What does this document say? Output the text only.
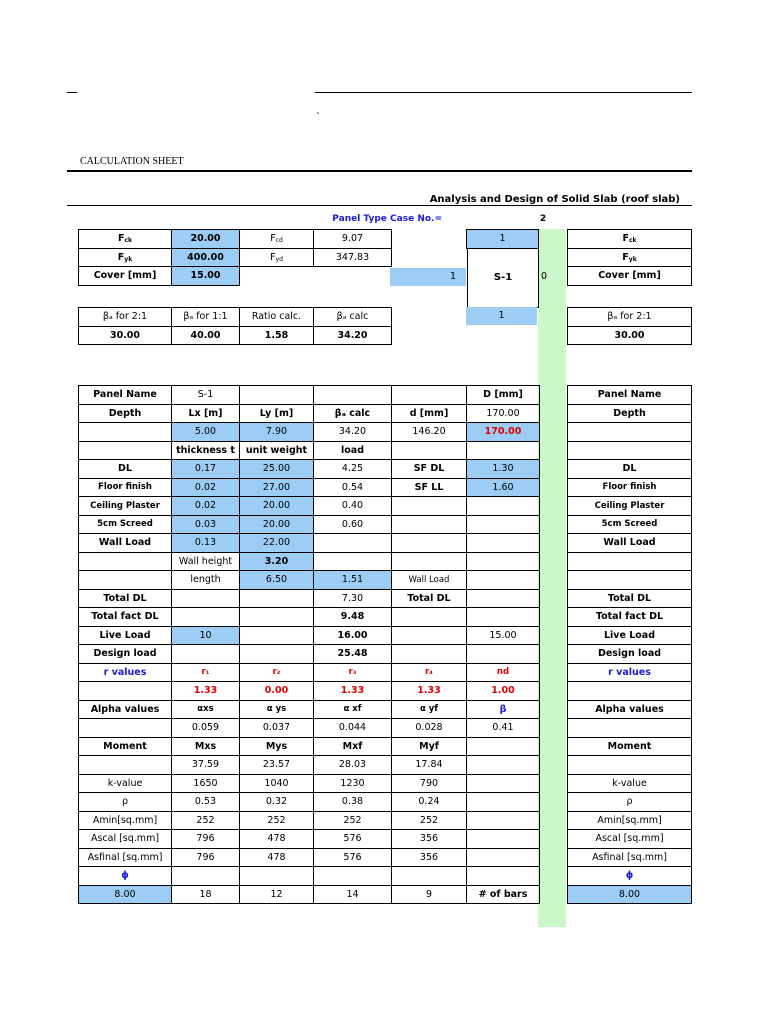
`
CALCULATION SHEET
Analysis and Design of Solid Slab (roof slab)
Panel Type Case No.=	2
1
1	0
S-1
1
$F_{ck}$	20.00	$F_{cd}$	9.07
$F_{yk}$	400.00	$F_{yd}$	347.83
Cover [mm]	15.00		
βₐ for 2:1	βₐ for 1:1	Ratio calc.	βₐ calc
30.00	40.00	1.58	34.20
$F_{ck}$
$F_{yk}$
Cover [mm]
βₐ for 2:1
30.00
Panel Name	S-1				D [mm]
Depth	Lx [m]	Ly [m]	βₐ calc	d [mm]	170.00
	5.00	7.90	34.20	146.20	170.00
	thickness t	unit weight	load		
DL	0.17	25.00	4.25	SF DL	1.30
Floor finish	0.02	27.00	0.54	SF LL	1.60
Ceiling Plaster	0.02	20.00	0.40		
5cm Screed	0.03	20.00	0.60		
Wall Load	0.13	22.00			
	Wall height	3.20			
	length	6.50	1.51	Wall Load	
Total DL			7.30	Total DL	
Total fact DL			9.48		
Live Load	10		16.00		15.00
Design load			25.48		
r values	r₁	r₂	r₃	r₄	nd
	1.33	0.00	1.33	1.33	1.00
Alpha values	αxs	α ys	α xf	α yf	β
	0.059	0.037	0.044	0.028	0.41
Moment	Mxs	Mys	Mxf	Myf	
	37.59	23.57	28.03	17.84	
k-value	1650	1040	1230	790	
ρ	0.53	0.32	0.38	0.24	
Amin[sq.mm]	252	252	252	252	
Ascal [sq.mm]	796	478	576	356	
Asfinal [sq.mm]	796	478	576	356	
ϕ					
8.00	18	12	14	9	# of bars
Panel Name
Depth

DL
Floor finish
Ceiling Plaster
5cm Screed
Wall Load

Total DL
Total fact DL
Live Load
Design load
r values

Alpha values

Moment

k-value
ρ
Amin[sq.mm]
Ascal [sq.mm]
Asfinal [sq.mm]
ϕ
8.00
